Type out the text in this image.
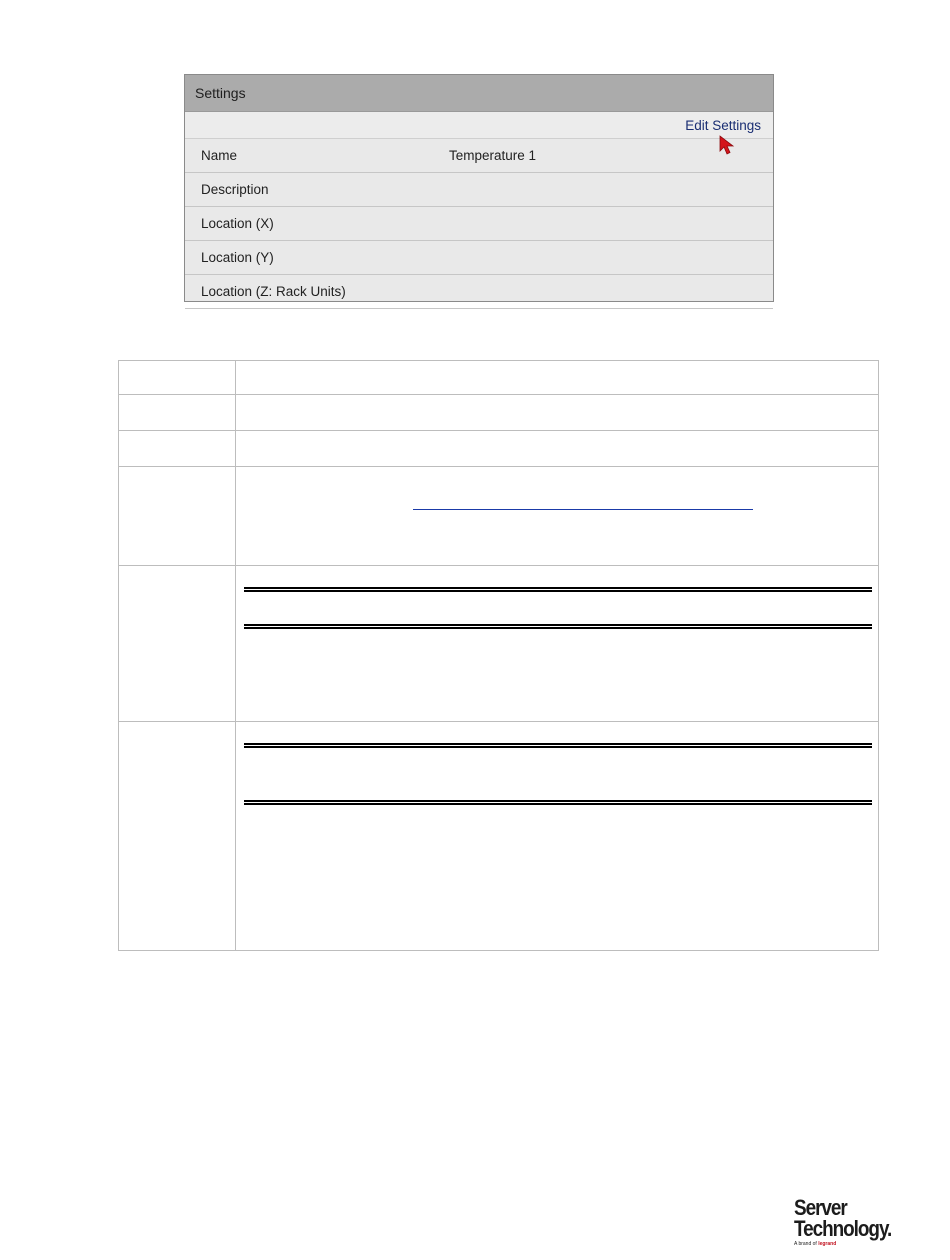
Settings
Edit Settings
Name	Temperature 1
Description
Location (X)
Location (Y)
Location (Z: Rack Units)
Server
Technology.
A brand of legrand
